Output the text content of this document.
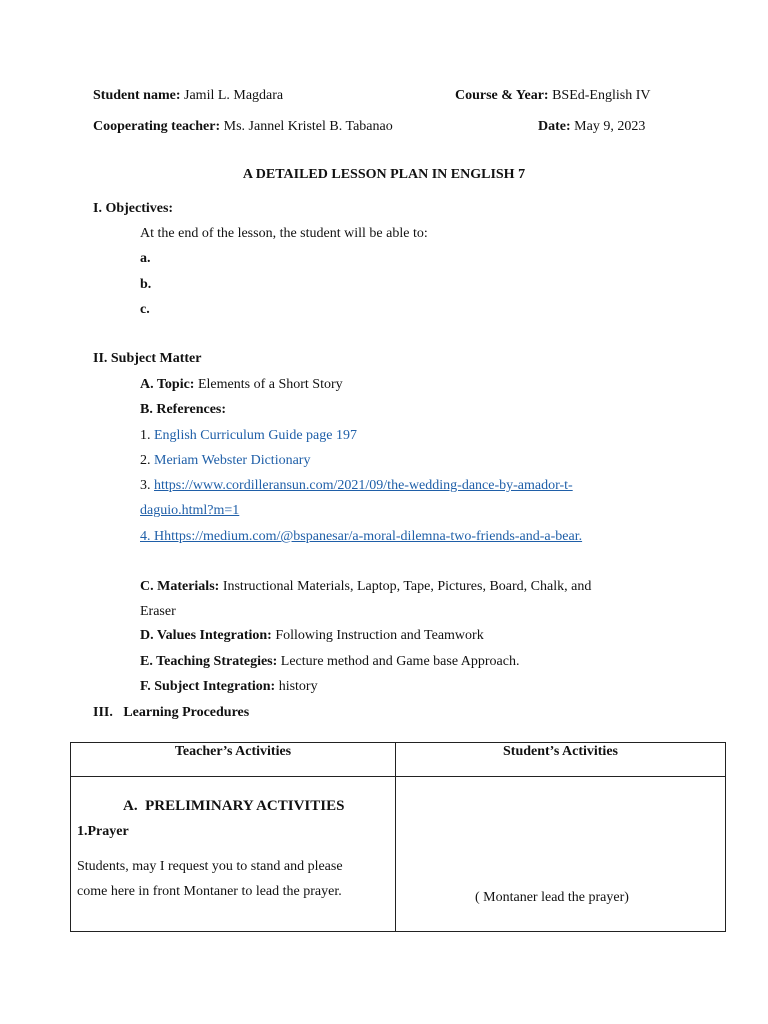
Student name: Jamil L. Magdara	Course & Year: BSEd-English IV
Cooperating teacher: Ms. Jannel Kristel B. Tabanao	Date: May 9, 2023
A DETAILED LESSON PLAN IN ENGLISH 7
I. Objectives:
At the end of the lesson, the student will be able to:
a.
b.
c.
II. Subject Matter
A. Topic: Elements of a Short Story
B. References:
1. English Curriculum Guide page 197
2. Meriam Webster Dictionary
3. https://www.cordilleransun.com/2021/09/the-wedding-dance-by-amador-t-
daguio.html?m=1
4. Hhttps://medium.com/@bspanesar/a-moral-dilemna-two-friends-and-a-bear.
C. Materials: Instructional Materials, Laptop, Tape, Pictures, Board, Chalk, and
Eraser
D. Values Integration: Following Instruction and Teamwork
E. Teaching Strategies: Lecture method and Game base Approach.
F. Subject Integration: history
III.   Learning Procedures
Teacher’s Activities	Student’s Activities

A.  PRELIMINARY ACTIVITIES
1.Prayer
Students, may I request you to stand and please
come here in front Montaner to lead the prayer.	( Montaner lead the prayer)
